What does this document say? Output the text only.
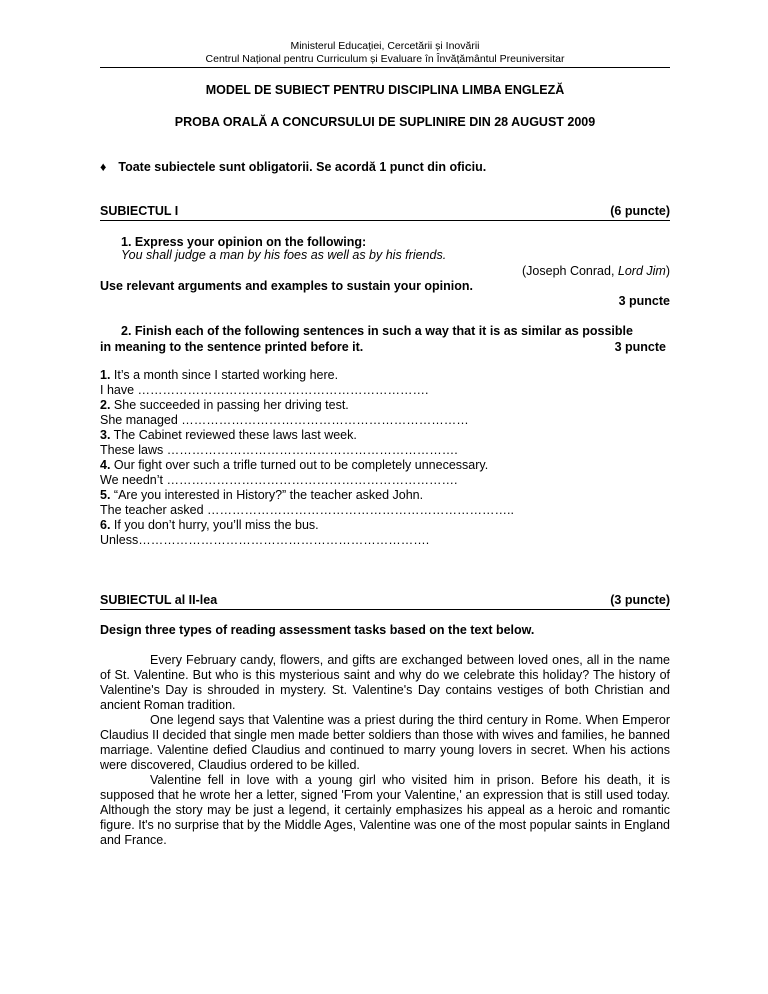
Ministerul Educației, Cercetării și Inovării
Centrul Național pentru Curriculum și Evaluare în Învățământul Preuniversitar
MODEL DE SUBIECT PENTRU DISCIPLINA LIMBA ENGLEZĂ
PROBA ORALĂ A CONCURSULUI DE SUPLINIRE DIN 28 AUGUST 2009
♦ Toate subiectele sunt obligatorii. Se acordă 1 punct din oficiu.
SUBIECTUL I	(6 puncte)
1. Express your opinion on the following:
You shall judge a man by his foes as well as by his friends.
(Joseph Conrad, Lord Jim)
Use relevant arguments and examples to sustain your opinion.
3 puncte
2. Finish each of the following sentences in such a way that it is as similar as possible
in meaning to the sentence printed before it.	3 puncte
1. It’s a month since I started working here.
I have …………………………………………………………….
2. She succeeded in passing her driving test.
She managed ……………………………………………………………
3. The Cabinet reviewed these laws last week.
These laws …………………………………………………………….
4. Our fight over such a trifle turned out to be completely unnecessary.
We needn’t …………………………………………………………….
5. “Are you interested in History?” the teacher asked John.
The teacher asked ………………………………………………………………..
6. If you don’t hurry, you’ll miss the bus.
Unless…………………………………………………………….
SUBIECTUL al II-lea	(3 puncte)
Design three types of reading assessment tasks based on the text below.

Every February candy, flowers, and gifts are exchanged between loved ones, all in the name of St. Valentine. But who is this mysterious saint and why do we celebrate this holiday? The history of Valentine's Day is shrouded in mystery. St. Valentine's Day contains vestiges of both Christian and ancient Roman tradition.

One legend says that Valentine was a priest during the third century in Rome. When Emperor Claudius II decided that single men made better soldiers than those with wives and families, he banned marriage. Valentine defied Claudius and continued to marry young lovers in secret. When his actions were discovered, Claudius ordered to be killed.

Valentine fell in love with a young girl who visited him in prison. Before his death, it is supposed that he wrote her a letter, signed 'From your Valentine,' an expression that is still used today. Although the story may be just a legend, it certainly emphasizes his appeal as a heroic and romantic figure. It's no surprise that by the Middle Ages, Valentine was one of the most popular saints in England and France.
